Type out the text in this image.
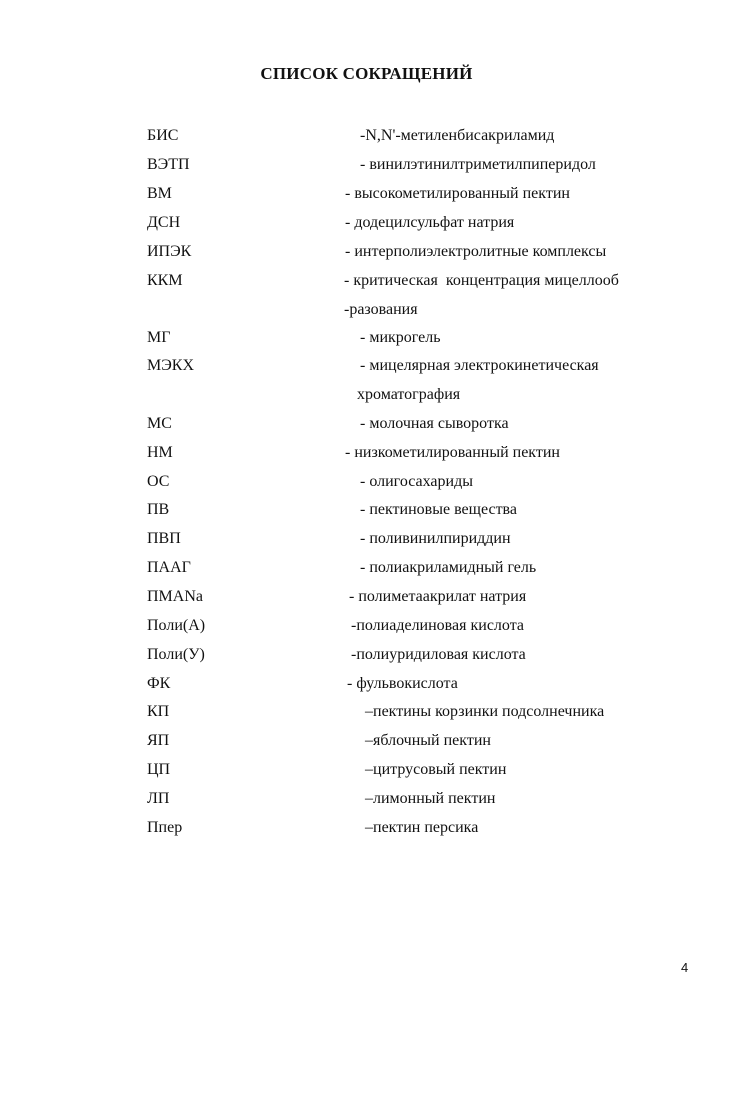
СПИСОК СОКРАЩЕНИЙ
БИС	-N,N'-метиленбисакриламид
ВЭТП	- винилэтинилтриметилпиперидол
ВМ	- высокометилированный пектин
ДСН	- додецилсульфат натрия
ИПЭК	- интерполиэлектролитные комплексы
ККМ	- критическая  концентрация мицеллооб
-разования
МГ	- микрогель
МЭКХ	- мицелярная электрокинетическая
хроматография
МС	- молочная сыворотка
НМ	- низкометилированный пектин
ОС	- олигосахариды
ПВ	- пектиновые вещества
ПВП	- поливинилпириддин
ПААГ	- полиакриламидный гель
ПМАNa	- полиметаакрилат натрия
Поли(А)	-полиаделиновая кислота
Поли(У)	-полиуридиловая кислота
ФК	- фульвокислота
КП	–пектины корзинки подсолнечника
ЯП	–яблочный пектин
ЦП	–цитрусовый пектин
ЛП	–лимонный пектин
Ппер	–пектин персика
4
